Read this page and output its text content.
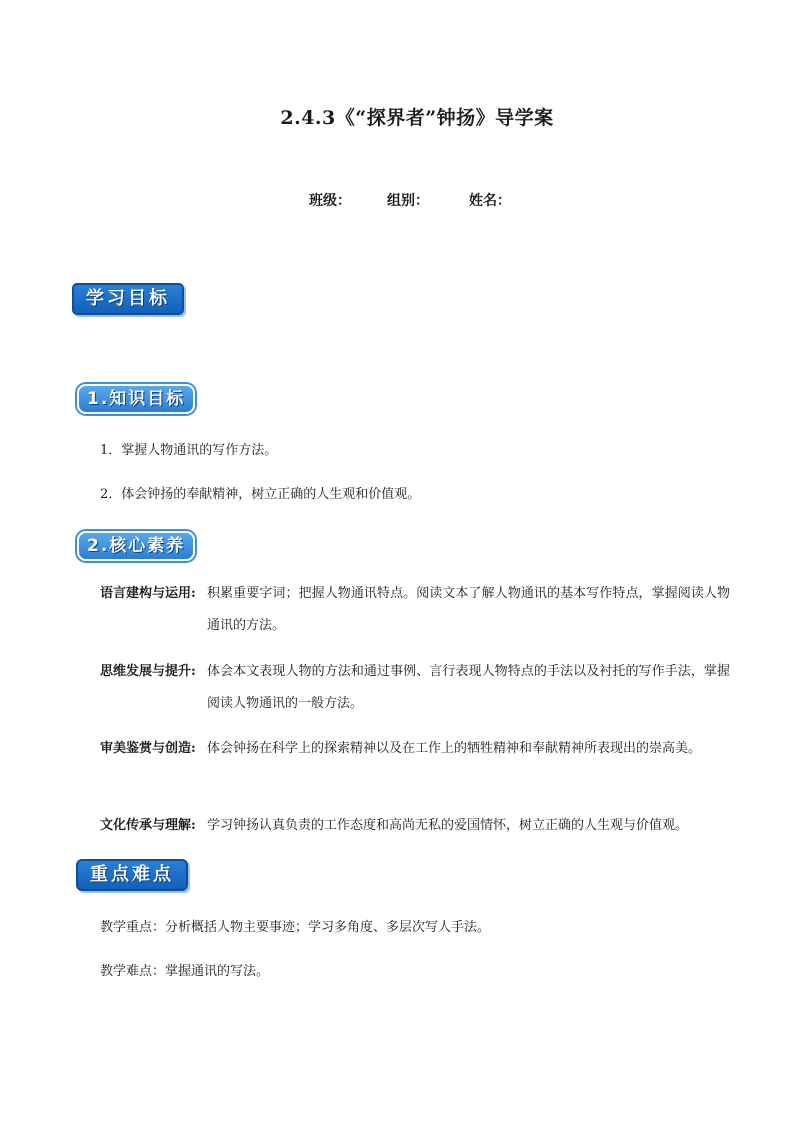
2.4.3《“探界者”钟扬》导学案
班级：	组别：	姓名：
学习目标
1.知识目标
1．掌握人物通讯的写作方法。
2．体会钟扬的奉献精神，树立正确的人生观和价值观。
2.核心素养
语言建构与运用: 积累重要字词；把握人物通讯特点。阅读文本了解人物通讯的基本写作特点，掌握阅读人物通讯的方法。
思维发展与提升: 体会本文表现人物的方法和通过事例、言行表现人物特点的手法以及衬托的写作手法，掌握阅读人物通讯的一般方法。
审美鉴赏与创造: 体会钟扬在科学上的探索精神以及在工作上的牺牲精神和奉献精神所表现出的崇高美。
文化传承与理解: 学习钟扬认真负责的工作态度和高尚无私的爱国情怀，树立正确的人生观与价值观。
重点难点
教学重点：分析概括人物主要事迹；学习多角度、多层次写人手法。
教学难点：掌握通讯的写法。
